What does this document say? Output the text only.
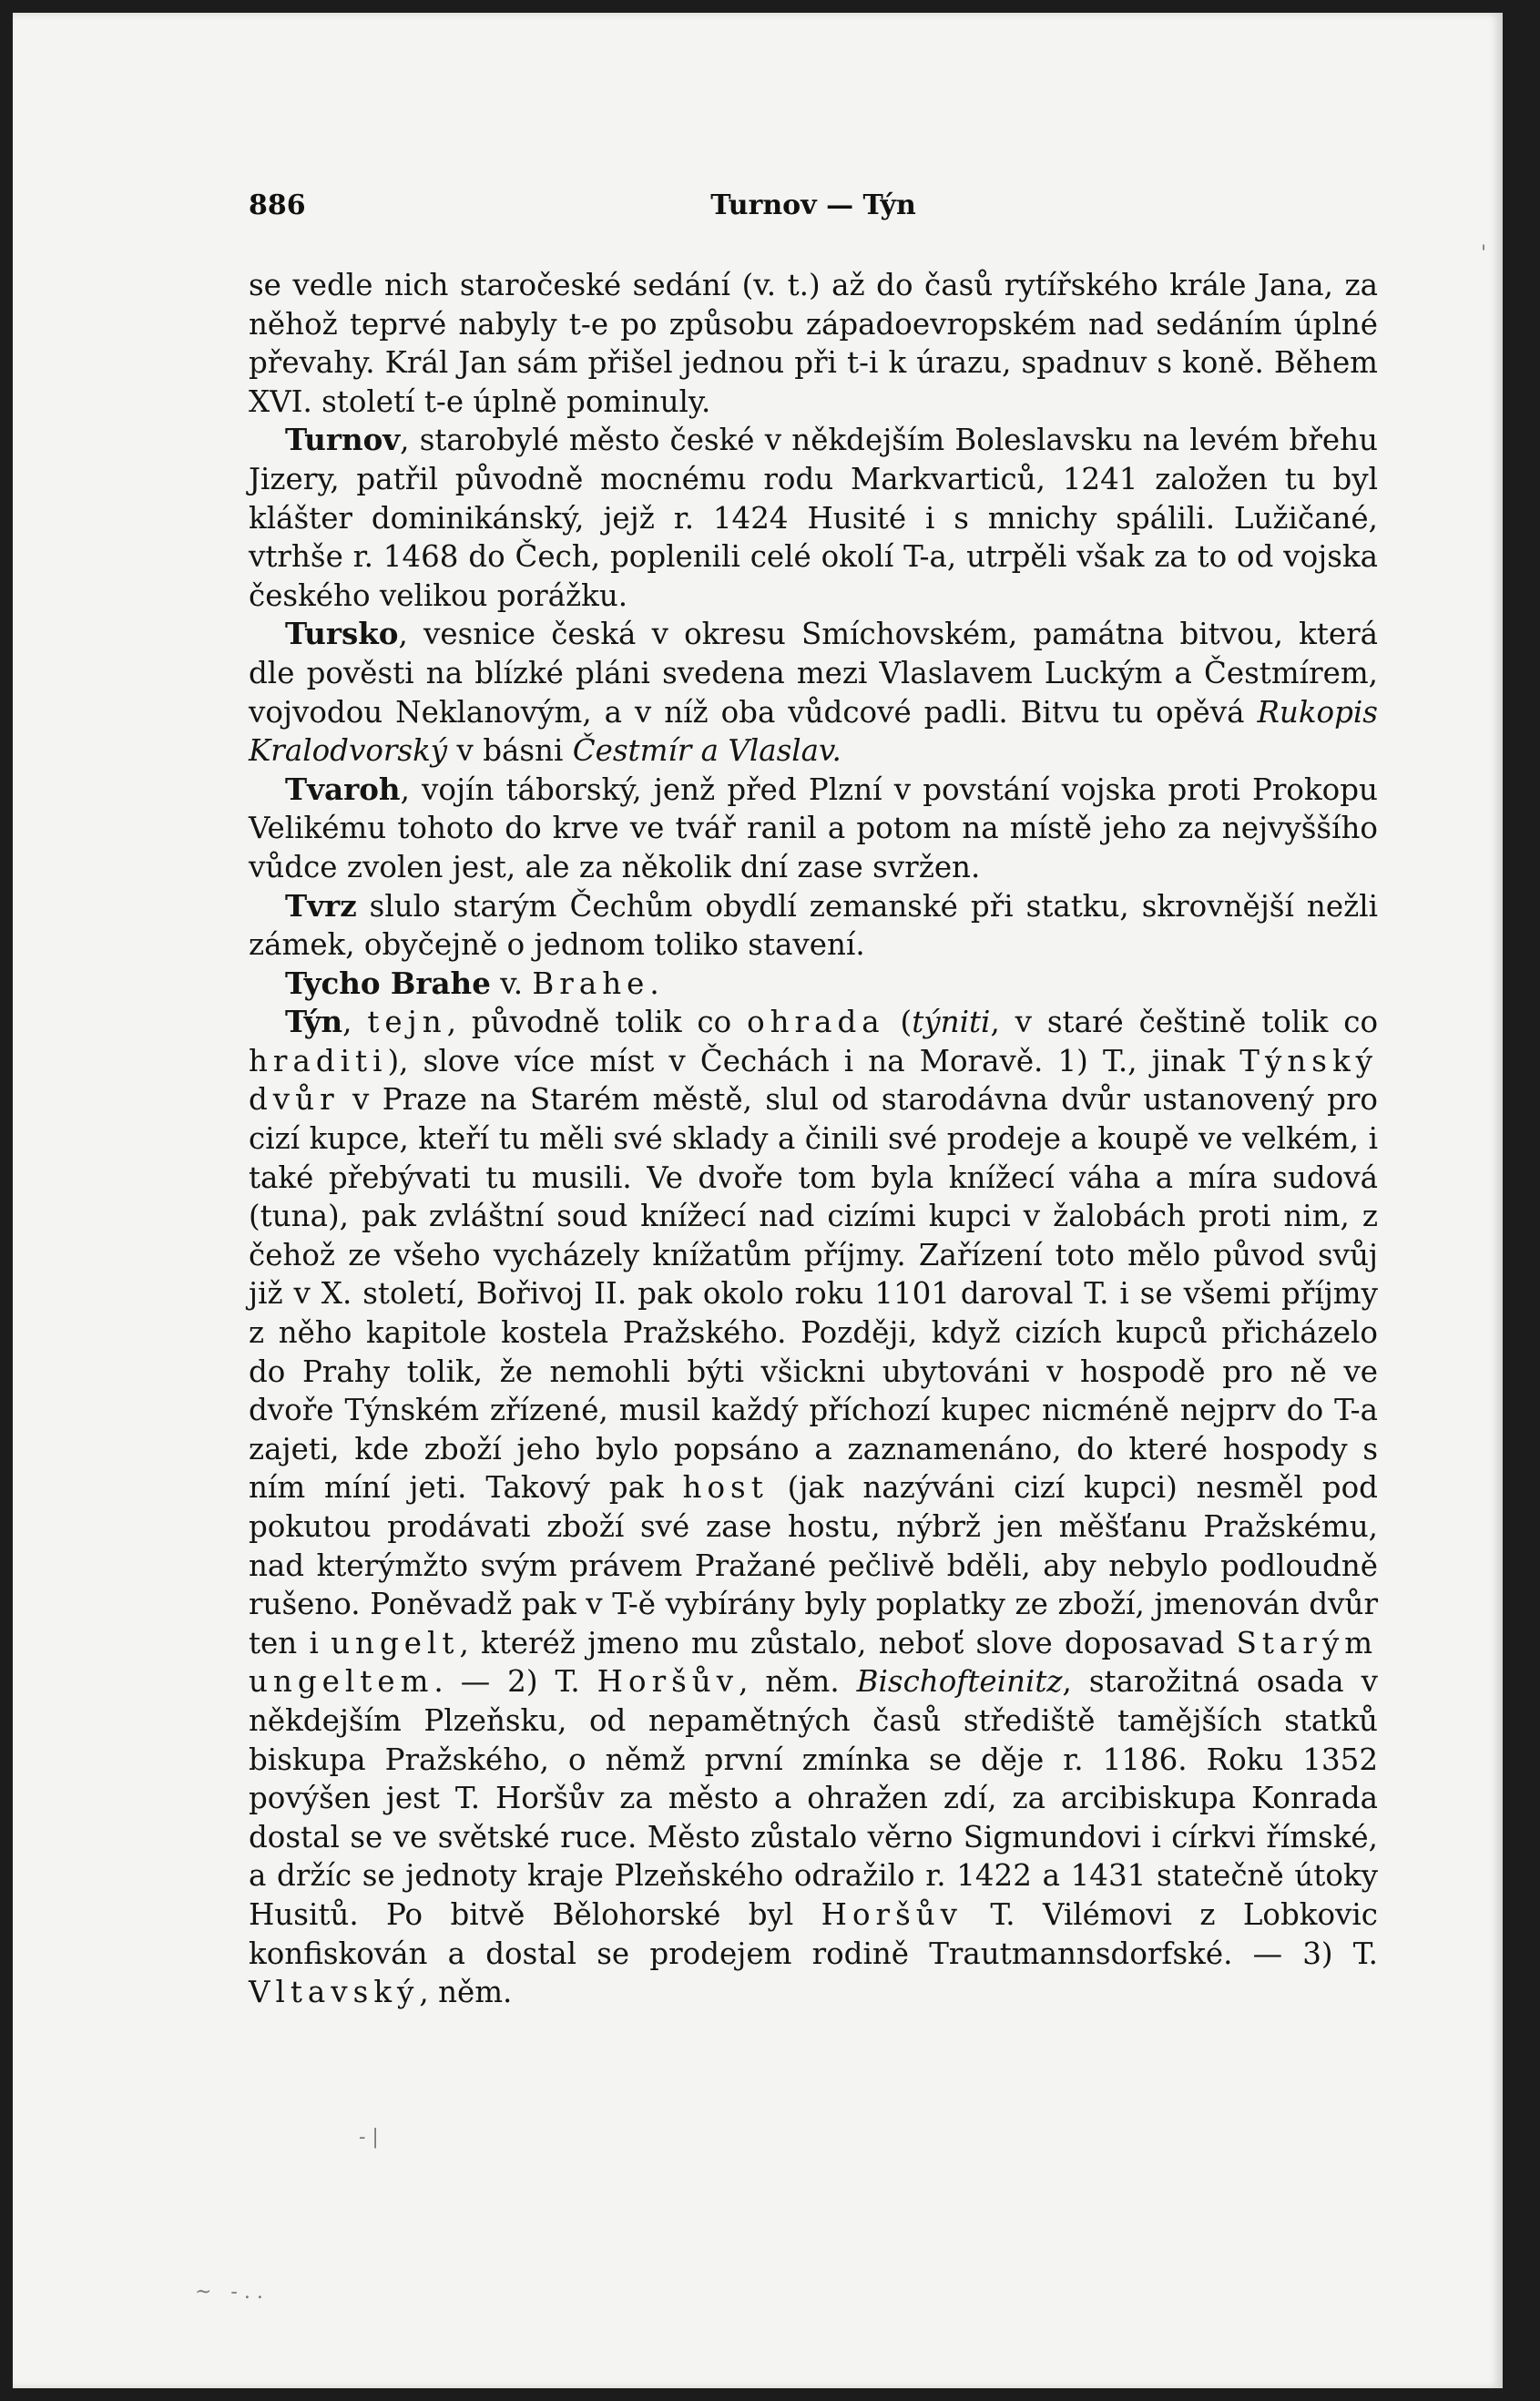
886	Turnov — Týn

se vedle nich staročeské sedání (v. t.) až do časů rytířského krále Jana, za něhož teprvé nabyly t-e po způsobu západoevropském nad sedáním úplné převahy. Král Jan sám přišel jednou při t-i k úrazu, spadnuv s koně. Během XVI. století t-e úplně pominuly.

Turnov, starobylé město české v někdejším Boleslavsku na levém břehu Jizery, patřil původně mocnému rodu Markvarticů, 1241 založen tu byl klášter dominikánský, jejž r. 1424 Husité i s mnichy spálili. Lužičané, vtrhše r. 1468 do Čech, poplenili celé okolí T-a, utrpěli však za to od vojska českého velikou porážku.

Tursko, vesnice česká v okresu Smíchovském, památna bitvou, která dle pověsti na blízké pláni svedena mezi Vlaslavem Luckým a Čestmírem, vojvodou Neklanovým, a v níž oba vůdcové padli. Bitvu tu opěvá Rukopis Kralodvorský v básni Čestmír a Vlaslav.

Tvaroh, vojín táborský, jenž před Plzní v povstání vojska proti Prokopu Velikému tohoto do krve ve tvář ranil a potom na místě jeho za nejvyššího vůdce zvolen jest, ale za několik dní zase svržen.

Tvrz slulo starým Čechům obydlí zemanské při statku, skrovnější nežli zámek, obyčejně o jednom toliko stavení.

Tycho Brahe v. Brahe.

Týn, tejn, původně tolik co ohrada (týniti, v staré češtině tolik co hraditi), slove více míst v Čechách i na Moravě. 1) T., jinak Týnský dvůr v Praze na Starém městě, slul od starodávna dvůr ustanovený pro cizí kupce, kteří tu měli své sklady a činili své prodeje a koupě ve velkém, i také přebývati tu musili. Ve dvoře tom byla knížecí váha a míra sudová (tuna), pak zvláštní soud knížecí nad cizími kupci v žalobách proti nim, z čehož ze všeho vycházely knížatům příjmy. Zařízení toto mělo původ svůj již v X. století, Bořivoj II. pak okolo roku 1101 daroval T. i se všemi příjmy z něho kapitole kostela Pražského. Později, když cizích kupců přicházelo do Prahy tolik, že nemohli býti všickni ubytováni v hospodě pro ně ve dvoře Týnském zřízené, musil každý příchozí kupec nicméně nejprv do T-a zajeti, kde zboží jeho bylo popsáno a zaznamenáno, do které hospody s ním míní jeti. Takový pak host (jak nazýváni cizí kupci) nesměl pod pokutou prodávati zboží své zase hostu, nýbrž jen měšťanu Pražskému, nad kterýmžto svým právem Pražané pečlivě bděli, aby nebylo podloudně rušeno. Poněvadž pak v T-ě vybírány byly poplatky ze zboží, jmenován dvůr ten i ungelt, kteréž jmeno mu zůstalo, neboť slove doposavad Starým ungeltem. — 2) T. Horšův, něm. Bischofteinitz, starožitná osada v někdejším Plzeňsku, od nepamětných časů střediště tamějších statků biskupa Pražského, o němž první zmínka se děje r. 1186. Roku 1352 povýšen jest T. Horšův za město a ohražen zdí, za arcibiskupa Konrada dostal se ve světské ruce. Město zůstalo věrno Sigmundovi i církvi římské, a držíc se jednoty kraje Plzeňského odražilo r. 1422 a 1431 statečně útoky Husitů. Po bitvě Bělohorské byl Horšův T. Vilémovi z Lobkovic konfiskován a dostal se prodejem rodině Trautmannsdorfské. — 3) T. Vltavský, něm.

'
- |
~   - . .
